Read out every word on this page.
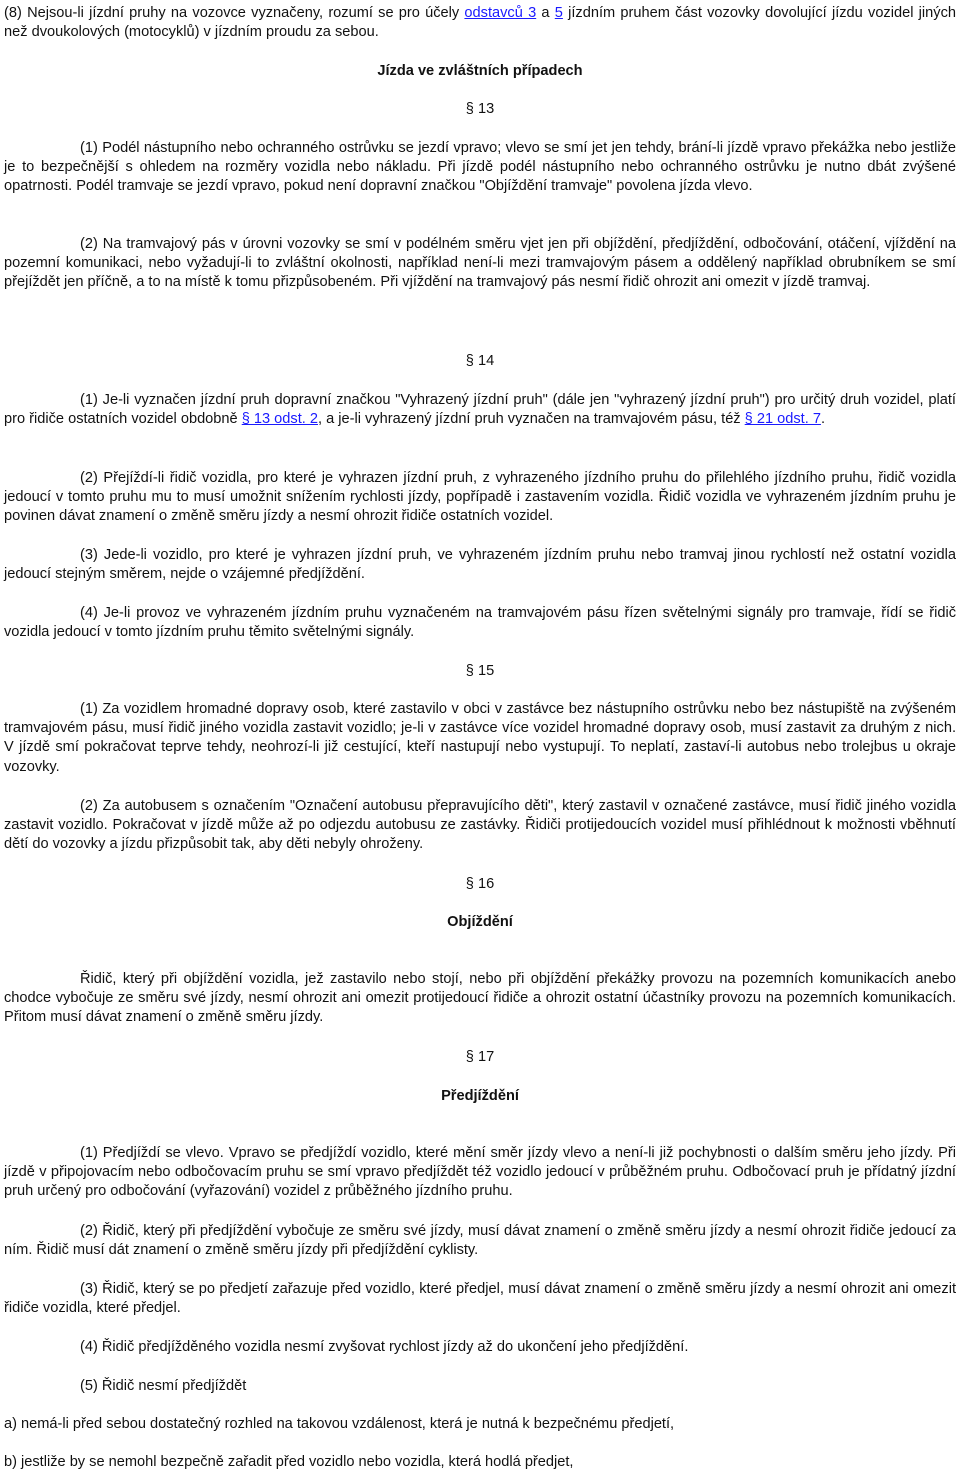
(8) Nejsou-li jízdní pruhy na vozovce vyznačeny, rozumí se pro účely odstavců 3 a 5 jízdním pruhem část vozovky dovolující jízdu vozidel jiných než dvoukolových (motocyklů) v jízdním proudu za sebou.

Jízda ve zvláštních případech
§ 13

(1) Podél nástupního nebo ochranného ostrůvku se jezdí vpravo; vlevo se smí jet jen tehdy, brání-li jízdě vpravo překážka nebo jestliže je to bezpečnější s ohledem na rozměry vozidla nebo nákladu. Při jízdě podél nástupního nebo ochranného ostrůvku je nutno dbát zvýšené opatrnosti. Podél tramvaje se jezdí vpravo, pokud není dopravní značkou "Objíždění tramvaje" povolena jízda vlevo.

(2) Na tramvajový pás v úrovni vozovky se smí v podélném směru vjet jen při objíždění, předjíždění, odbočování, otáčení, vjíždění na pozemní komunikaci, nebo vyžadují-li to zvláštní okolnosti, například není-li mezi tramvajovým pásem a oddělený například obrubníkem se smí přejíždět jen příčně, a to na místě k tomu přizpůsobeném. Při vjíždění na tramvajový pás nesmí řidič ohrozit ani omezit v jízdě tramvaj.

§ 14

(1) Je-li vyznačen jízdní pruh dopravní značkou "Vyhrazený jízdní pruh" (dále jen "vyhrazený jízdní pruh") pro určitý druh vozidel, platí pro řidiče ostatních vozidel obdobně § 13 odst. 2, a je-li vyhrazený jízdní pruh vyznačen na tramvajovém pásu, též § 21 odst. 7.

(2) Přejíždí-li řidič vozidla, pro které je vyhrazen jízdní pruh, z vyhrazeného jízdního pruhu do přilehlého jízdního pruhu, řidič vozidla jedoucí v tomto pruhu mu to musí umožnit snížením rychlosti jízdy, popřípadě i zastavením vozidla. Řidič vozidla ve vyhrazeném jízdním pruhu je povinen dávat znamení o změně směru jízdy a nesmí ohrozit řidiče ostatních vozidel.

(3) Jede-li vozidlo, pro které je vyhrazen jízdní pruh, ve vyhrazeném jízdním pruhu nebo tramvaj jinou rychlostí než ostatní vozidla jedoucí stejným směrem, nejde o vzájemné předjíždění.

(4) Je-li provoz ve vyhrazeném jízdním pruhu vyznačeném na tramvajovém pásu řízen světelnými signály pro tramvaje, řídí se řidič vozidla jedoucí v tomto jízdním pruhu těmito světelnými signály.

§ 15

(1) Za vozidlem hromadné dopravy osob, které zastavilo v obci v zastávce bez nástupního ostrůvku nebo bez nástupiště na zvýšeném tramvajovém pásu, musí řidič jiného vozidla zastavit vozidlo; je-li v zastávce více vozidel hromadné dopravy osob, musí zastavit za druhým z nich. V jízdě smí pokračovat teprve tehdy, neohrozí-li již cestující, kteří nastupují nebo vystupují. To neplatí, zastaví-li autobus nebo trolejbus u okraje vozovky.

(2) Za autobusem s označením "Označení autobusu přepravujícího děti", který zastavil v označené zastávce, musí řidič jiného vozidla zastavit vozidlo. Pokračovat v jízdě může až po odjezdu autobusu ze zastávky. Řidiči protijedoucích vozidel musí přihlédnout k možnosti vběhnutí dětí do vozovky a jízdu přizpůsobit tak, aby děti nebyly ohroženy.

§ 16
Objíždění

Řidič, který při objíždění vozidla, jež zastavilo nebo stojí, nebo při objíždění překážky provozu na pozemních komunikacích anebo chodce vybočuje ze směru své jízdy, nesmí ohrozit ani omezit protijedoucí řidiče a ohrozit ostatní účastníky provozu na pozemních komunikacích. Přitom musí dávat znamení o změně směru jízdy.

§ 17
Předjíždění

(1) Předjíždí se vlevo. Vpravo se předjíždí vozidlo, které mění směr jízdy vlevo a není-li již pochybnosti o dalším směru jeho jízdy. Při jízdě v připojovacím nebo odbočovacím pruhu se smí vpravo předjíždět též vozidlo jedoucí v průběžném pruhu. Odbočovací pruh je přídatný jízdní pruh určený pro odbočování (vyřazování) vozidel z průběžného jízdního pruhu.

(2) Řidič, který při předjíždění vybočuje ze směru své jízdy, musí dávat znamení o změně směru jízdy a nesmí ohrozit řidiče jedoucí za ním. Řidič musí dát znamení o změně směru jízdy při předjíždění cyklisty.

(3) Řidič, který se po předjetí zařazuje před vozidlo, které předjel, musí dávat znamení o změně směru jízdy a nesmí ohrozit ani omezit řidiče vozidla, které předjel.

(4) Řidič předjížděného vozidla nesmí zvyšovat rychlost jízdy až do ukončení jeho předjíždění.

(5) Řidič nesmí předjíždět

a) nemá-li před sebou dostatečný rozhled na takovou vzdálenost, která je nutná k bezpečnému předjetí,

b) jestliže by se nemohl bezpečně zařadit před vozidlo nebo vozidla, která hodlá předjet,
